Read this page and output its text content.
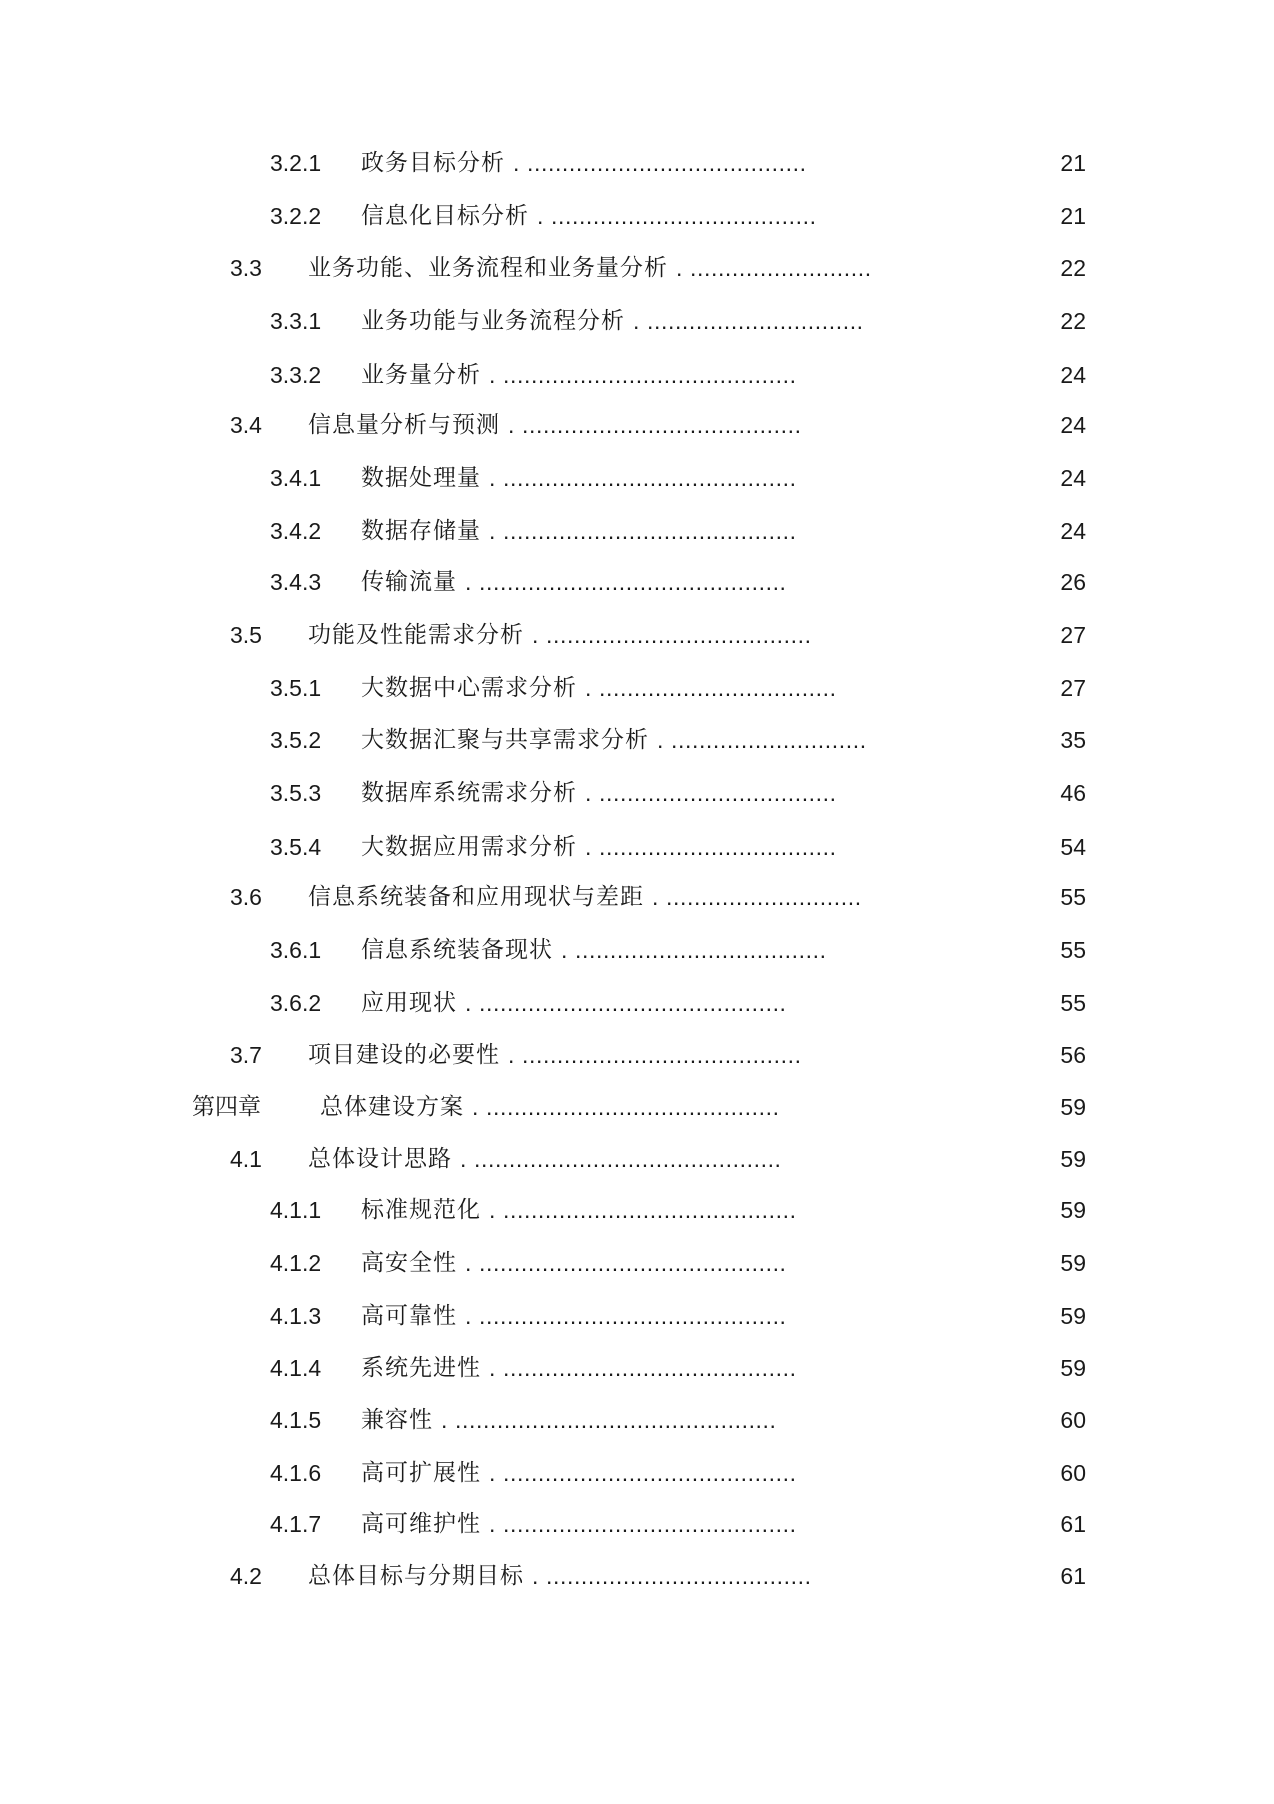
3.2.1 政务目标分析 . ........................................	21
3.2.2 信息化目标分析 . ......................................	21
3.3 业务功能、业务流程和业务量分析 . ..........................	22
3.3.1 业务功能与业务流程分析 . ...............................	22
3.3.2 业务量分析 . ..........................................	24
3.4 信息量分析与预测 . ........................................	24
3.4.1 数据处理量 . ..........................................	24
3.4.2 数据存储量 . ..........................................	24
3.4.3 传输流量 . ............................................	26
3.5 功能及性能需求分析 . ......................................	27
3.5.1 大数据中心需求分析 . ..................................	27
3.5.2 大数据汇聚与共享需求分析 . ............................	35
3.5.3 数据库系统需求分析 . ..................................	46
3.5.4 大数据应用需求分析 . ..................................	54
3.6 信息系统装备和应用现状与差距 . ............................	55
3.6.1 信息系统装备现状 . ....................................	55
3.6.2 应用现状 . ............................................	55
3.7 项目建设的必要性 . ........................................	56
第四章	总体建设方案 . ..........................................	59
4.1 总体设计思路 . ............................................	59
4.1.1 标准规范化 . ..........................................	59
4.1.2 高安全性 . ............................................	59
4.1.3 高可靠性 . ............................................	59
4.1.4 系统先进性 . ..........................................	59
4.1.5 兼容性 . ..............................................	60
4.1.6 高可扩展性 . ..........................................	60
4.1.7 高可维护性 . ..........................................	61
4.2 总体目标与分期目标 . ......................................	61
